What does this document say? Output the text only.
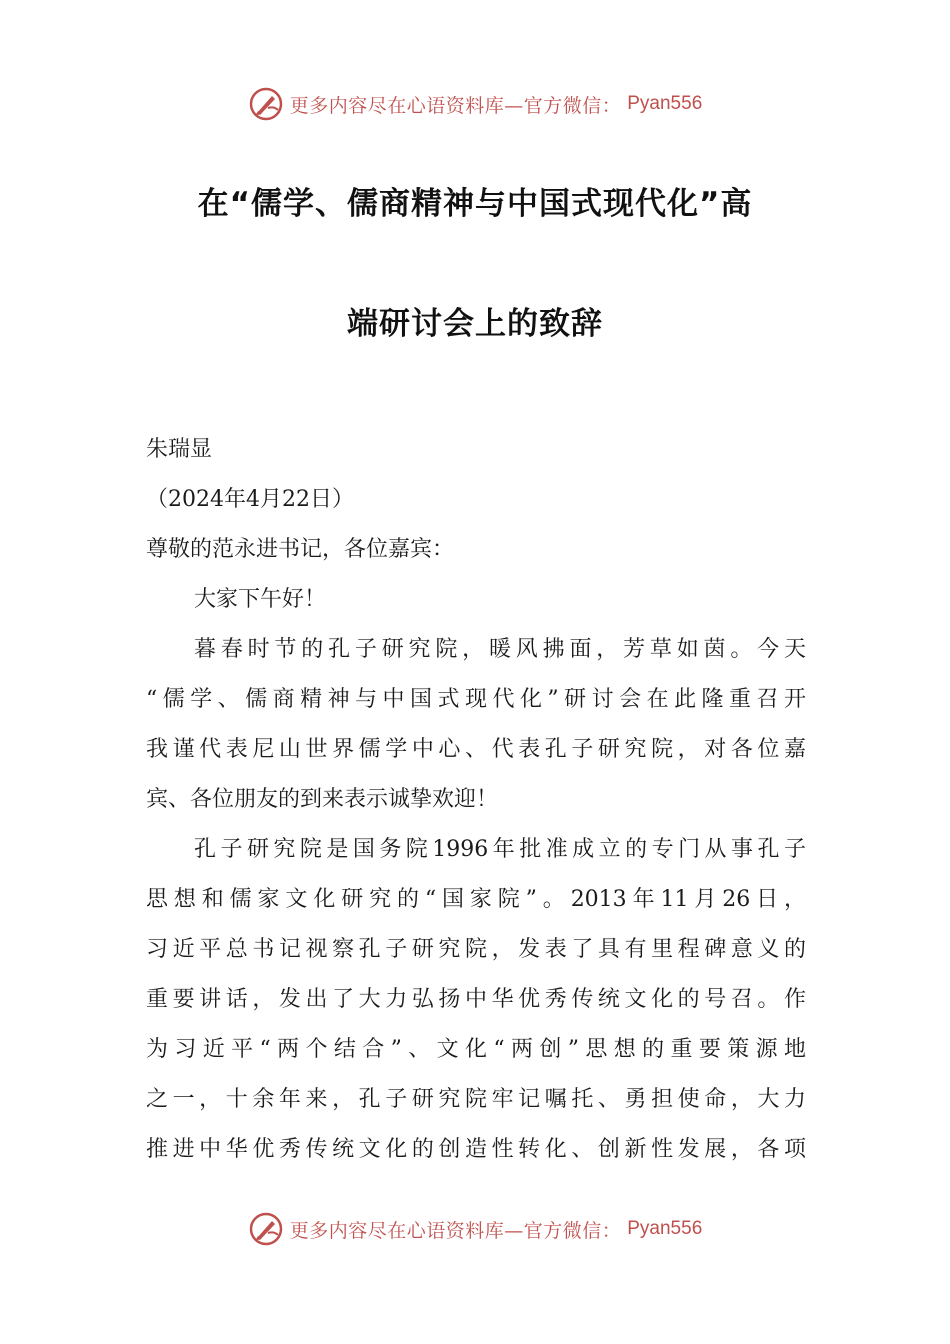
更多内容尽在心语资料库—官方微信： Pyan556
在“儒学、儒商精神与中国式现代化”高
端研讨会上的致辞
朱瑞显
（2024年4月22日）
尊敬的范永进书记，各位嘉宾：
大家下午好！
暮春时节的孔子研究院，暖风拂面，芳草如茵。今天
“儒学、儒商精神与中国式现代化”研讨会在此隆重召开
我谨代表尼山世界儒学中心、代表孔子研究院，对各位嘉
宾、各位朋友的到来表示诚挚欢迎！
孔子研究院是国务院1996年批准成立的专门从事孔子
思想和儒家文化研究的“国家院”。2013年11月26日，
习近平总书记视察孔子研究院，发表了具有里程碑意义的
重要讲话，发出了大力弘扬中华优秀传统文化的号召。作
为习近平“两个结合”、文化“两创”思想的重要策源地
之一，十余年来，孔子研究院牢记嘱托、勇担使命，大力
推进中华优秀传统文化的创造性转化、创新性发展，各项
更多内容尽在心语资料库—官方微信： Pyan556
